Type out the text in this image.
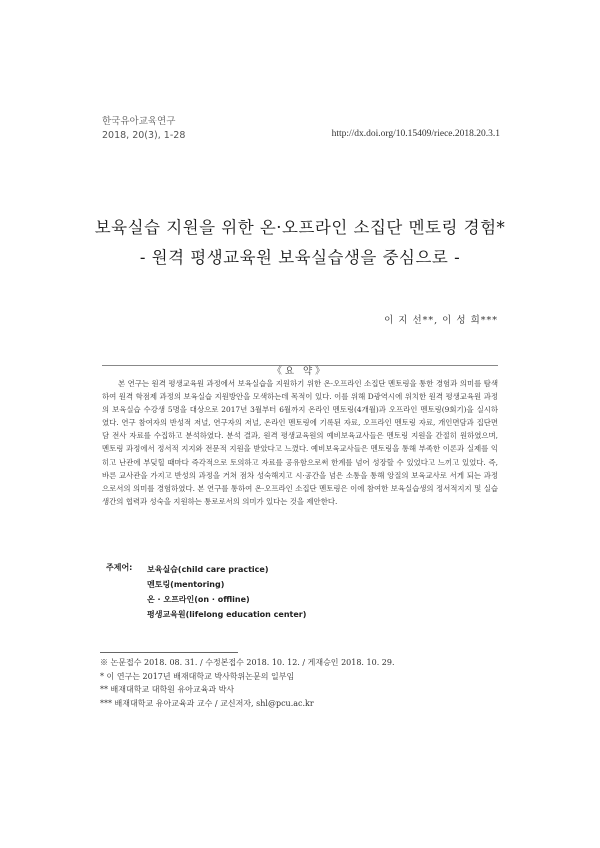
한국유아교육연구
2018, 20(3), 1-28	http://dx.doi.org/10.15409/riece.2018.20.3.1
보육실습 지원을 위한 온·오프라인 소집단 멘토링 경험*
- 원격 평생교육원 보육실습생을 중심으로 -
이 지 선**, 이 성 희***
《요 약》
본 연구는 원격 평생교육원 과정에서 보육실습을 지원하기 위한 온·오프라인 소집단 멘토링을 통한 경험과 의미를 탐색하여 원격 학점제 과정의 보육실습 지원방안을 모색하는데 목적이 있다. 이를 위해 D광역시에 위치한 원격 평생교육원 과정의 보육실습 수강생 5명을 대상으로 2017년 3월부터 6월까지 온라인 멘토링(4개월)과 오프라인 멘토링(9회기)을 실시하였다. 연구 참여자의 반성적 저널, 연구자의 저널, 온라인 멘토링에 기록된 자료, 오프라인 멘토링 자료, 개인면담과 집단면담 전사 자료를 수집하고 분석하였다. 분석 결과, 원격 평생교육원의 예비보육교사들은 멘토링 지원을 간절히 원하였으며, 멘토링 과정에서 정서적 지지와 전문적 지원을 받았다고 느꼈다. 예비보육교사들은 멘토링을 통해 부족한 이론과 실제를 익히고 난관에 부딪힐 때마다 즉각적으로 토의하고 자료를 공유함으로써 한계를 넘어 성장할 수 있었다고 느끼고 있었다. 즉, 바른 교사관을 가지고 반성의 과정을 거쳐 점차 성숙해지고 시·공간을 넘은 소통을 통해 앙질의 보육교사로 서게 되는 과정으로서의 의미를 경험하였다. 본 연구를 통하여 온·오프라인 소집단 멘토링은 이에 참여한 보육실습생의 정서적지지 및 실습생간의 협력과 성숙을 지원하는 통로로서의 의미가 있다는 것을 제안한다.
주제어: 보육실습(child care practice)
멘토링(mentoring)
온 · 오프라인(on · offline)
평생교육원(lifelong education center)
※ 논문접수 2018. 08. 31. / 수정본접수 2018. 10. 12. / 게재승인 2018. 10. 29.
* 이 연구는 2017년 배재대학교 박사학위논문의 일부임
** 배재대학교 대학원 유아교육과 박사
*** 배재대학교 유아교육과 교수 / 교신저자, shl@pcu.ac.kr
